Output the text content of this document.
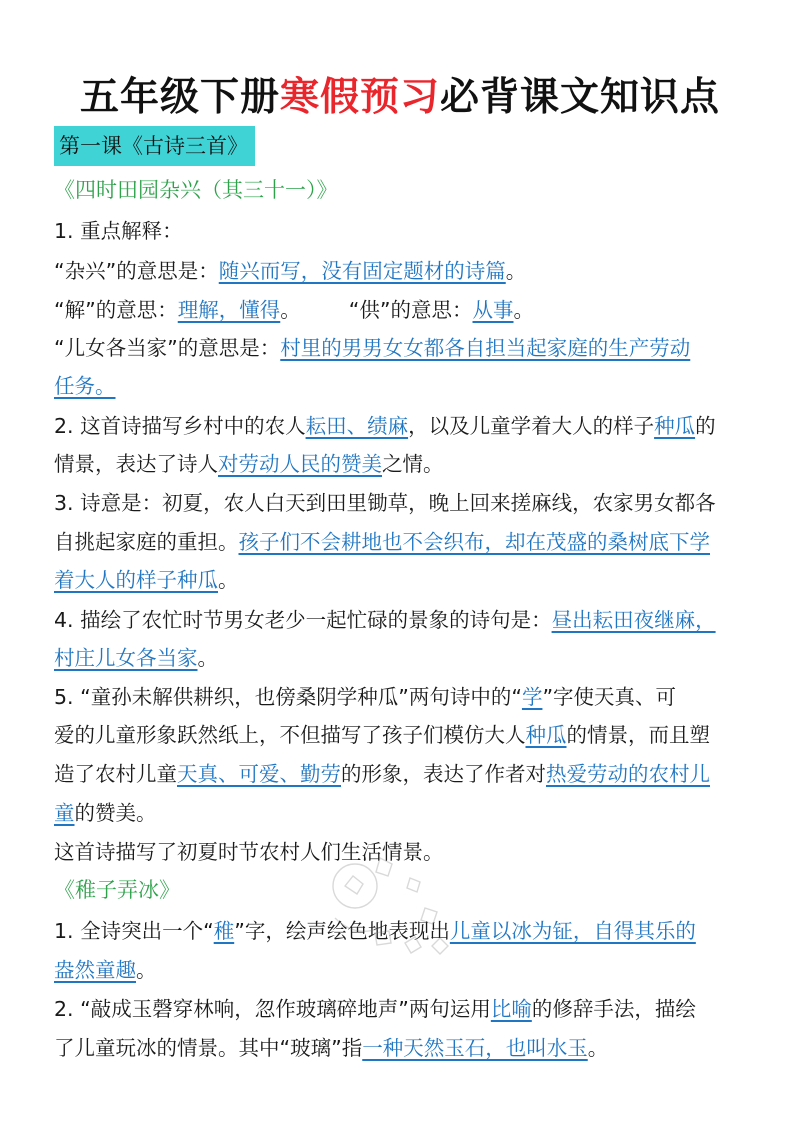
五年级下册寒假预习必背课文知识点
第一课《古诗三首》
《四时田园杂兴（其三十一）》
1. 重点解释：
“杂兴”的意思是：随兴而写，没有固定题材的诗篇。
“解”的意思：理解，懂得。 “供”的意思：从事。
“儿女各当家”的意思是：村里的男男女女都各自担当起家庭的生产劳动
任务。
2. 这首诗描写乡村中的农人耘田、绩麻，以及儿童学着大人的样子种瓜的
情景，表达了诗人对劳动人民的赞美之情。
3. 诗意是：初夏，农人白天到田里锄草，晚上回来搓麻线，农家男女都各
自挑起家庭的重担。孩子们不会耕地也不会织布，却在茂盛的桑树底下学
着大人的样子种瓜。
4. 描绘了农忙时节男女老少一起忙碌的景象的诗句是：昼出耘田夜继麻，
村庄儿女各当家。
5. “童孙未解供耕织，也傍桑阴学种瓜”两句诗中的“学”字使天真、可
爱的儿童形象跃然纸上，不但描写了孩子们模仿大人种瓜的情景，而且塑
造了农村儿童天真、可爱、勤劳的形象，表达了作者对热爱劳动的农村儿
童的赞美。
这首诗描写了初夏时节农村人们生活情景。
《稚子弄冰》
1. 全诗突出一个“稚”字，绘声绘色地表现出儿童以冰为钲，自得其乐的
盎然童趣。
2. “敲成玉磬穿林响，忽作玻璃碎地声”两句运用比喻的修辞手法，描绘
了儿童玩冰的情景。其中“玻璃”指一种天然玉石，也叫水玉。
